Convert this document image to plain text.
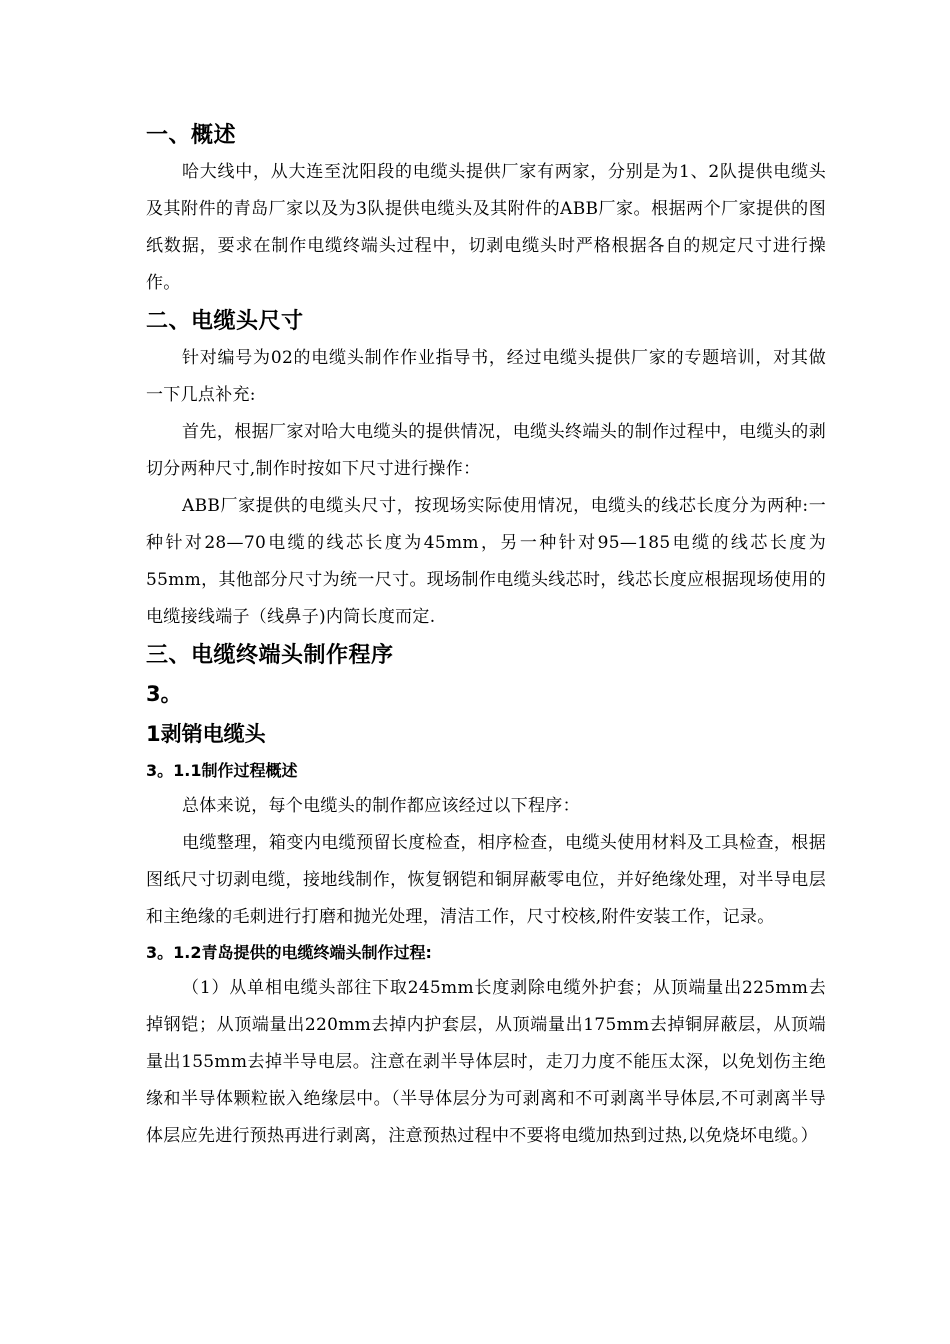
一、概述

哈大线中，从大连至沈阳段的电缆头提供厂家有两家，分别是为1、2队提供电缆头及其附件的青岛厂家以及为3队提供电缆头及其附件的ABB厂家。根据两个厂家提供的图纸数据，要求在制作电缆终端头过程中，切剥电缆头时严格根据各自的规定尺寸进行操作。

二、电缆头尺寸

针对编号为02的电缆头制作作业指导书，经过电缆头提供厂家的专题培训，对其做一下几点补充:

首先，根据厂家对哈大电缆头的提供情况，电缆头终端头的制作过程中，电缆头的剥切分两种尺寸,制作时按如下尺寸进行操作：

ABB厂家提供的电缆头尺寸，按现场实际使用情况，电缆头的线芯长度分为两种:一种针对28—70电缆的线芯长度为45mm，另一种针对95—185电缆的线芯长度为55mm，其他部分尺寸为统一尺寸。现场制作电缆头线芯时，线芯长度应根据现场使用的电缆接线端子（线鼻子)内筒长度而定.

三、电缆终端头制作程序
3。
1剥销电缆头
3。1.1制作过程概述

总体来说，每个电缆头的制作都应该经过以下程序：

电缆整理，箱变内电缆预留长度检查，相序检查，电缆头使用材料及工具检查，根据图纸尺寸切剥电缆，接地线制作，恢复钢铠和铜屏蔽零电位，并好绝缘处理，对半导电层和主绝缘的毛刺进行打磨和抛光处理，清洁工作，尺寸校核,附件安装工作，记录。

3。1.2青岛提供的电缆终端头制作过程:

（1）从单相电缆头部往下取245mm长度剥除电缆外护套；从顶端量出225mm去掉钢铠；从顶端量出220mm去掉内护套层，从顶端量出175mm去掉铜屏蔽层，从顶端量出155mm去掉半导电层。注意在剥半导体层时，走刀力度不能压太深，以免划伤主绝缘和半导体颗粒嵌入绝缘层中。（半导体层分为可剥离和不可剥离半导体层,不可剥离半导体层应先进行预热再进行剥离，注意预热过程中不要将电缆加热到过热,以免烧坏电缆。）
